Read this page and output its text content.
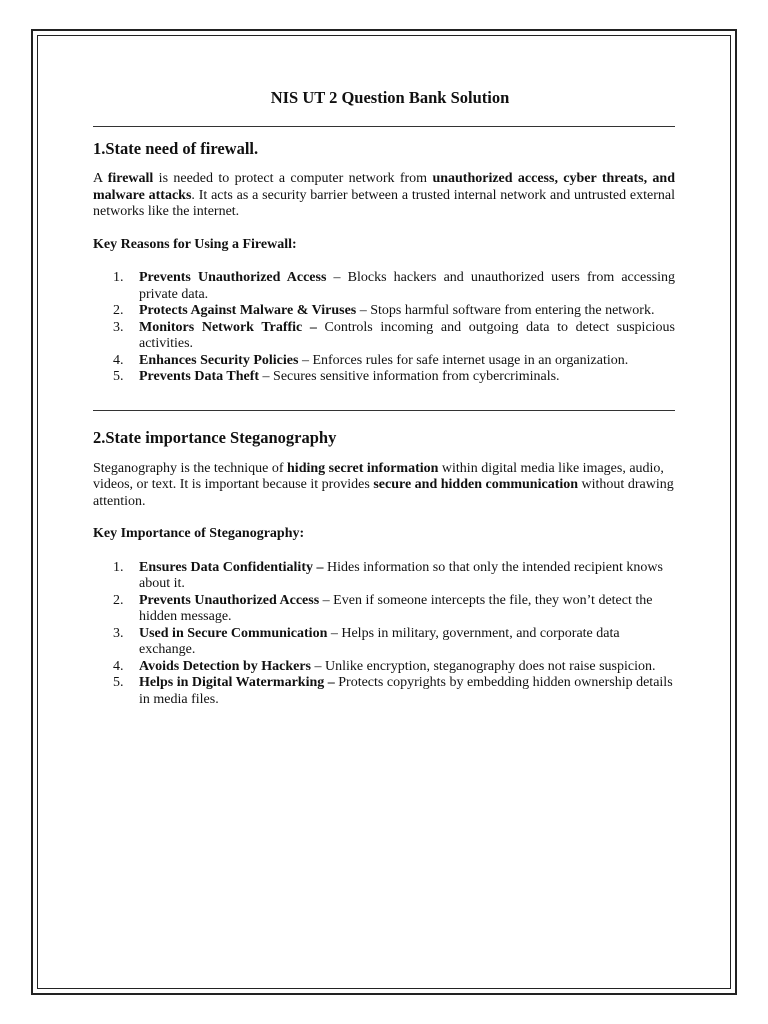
NIS UT 2 Question Bank Solution
1.State need of firewall.

A firewall is needed to protect a computer network from unauthorized access, cyber threats, and malware attacks. It acts as a security barrier between a trusted internal network and untrusted external networks like the internet.

Key Reasons for Using a Firewall:
1. Prevents Unauthorized Access – Blocks hackers and unauthorized users from accessing private data.
2. Protects Against Malware & Viruses – Stops harmful software from entering the network.
3. Monitors Network Traffic – Controls incoming and outgoing data to detect suspicious activities.
4. Enhances Security Policies – Enforces rules for safe internet usage in an organization.
5. Prevents Data Theft – Secures sensitive information from cybercriminals.
2.State importance Steganography

Steganography is the technique of hiding secret information within digital media like images, audio, videos, or text. It is important because it provides secure and hidden communication without drawing attention.

Key Importance of Steganography:
1. Ensures Data Confidentiality – Hides information so that only the intended recipient knows about it.
2. Prevents Unauthorized Access – Even if someone intercepts the file, they won’t detect the hidden message.
3. Used in Secure Communication – Helps in military, government, and corporate data exchange.
4. Avoids Detection by Hackers – Unlike encryption, steganography does not raise suspicion.
5. Helps in Digital Watermarking – Protects copyrights by embedding hidden ownership details in media files.
